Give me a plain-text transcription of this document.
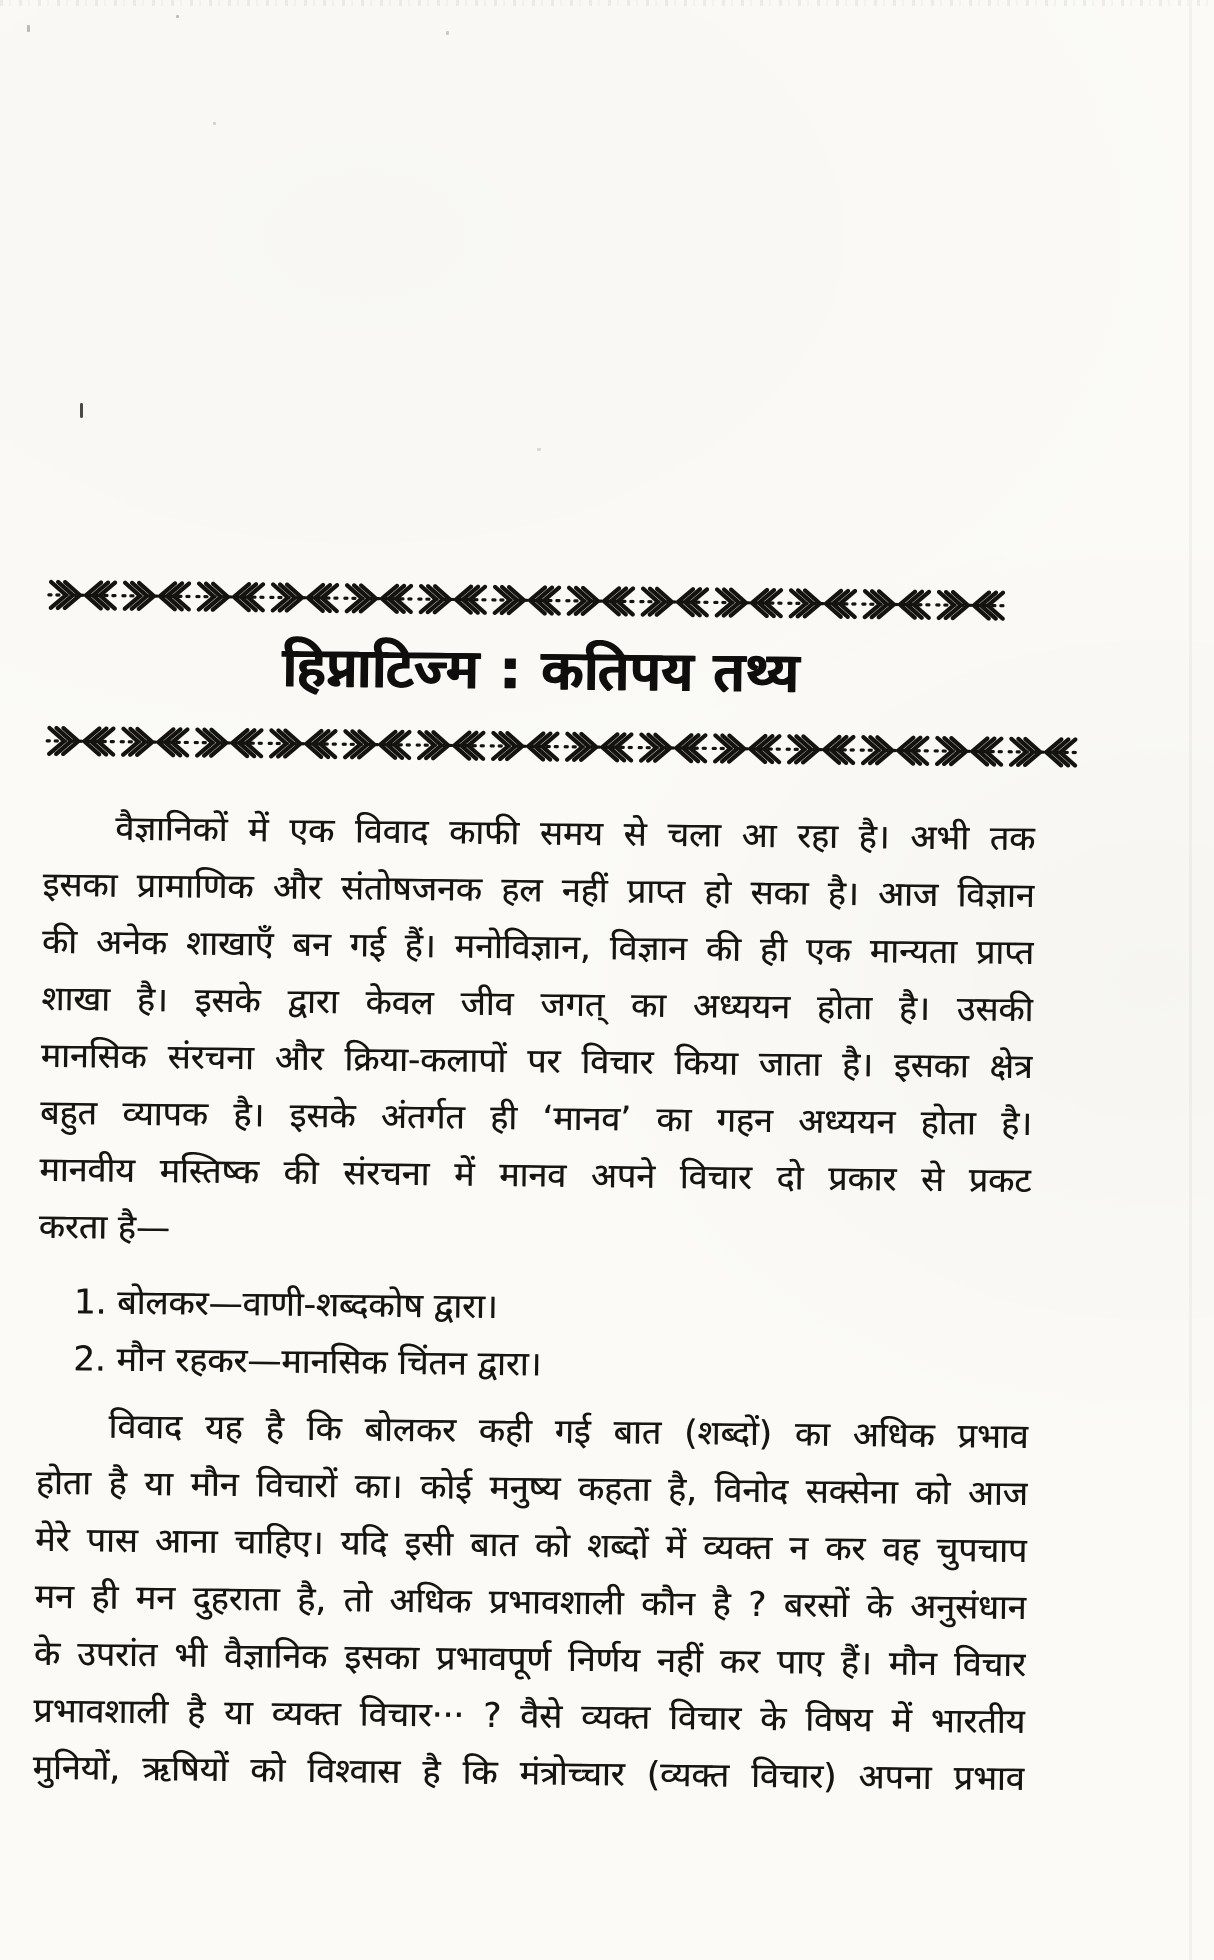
हिप्नाटिज्म : कतिपय तथ्य

वैज्ञानिकों में एक विवाद काफी समय से चला आ रहा है। अभी तक

इसका प्रामाणिक और संतोषजनक हल नहीं प्राप्त हो सका है। आज विज्ञान

की अनेक शाखाएँ बन गई हैं। मनोविज्ञान, विज्ञान की ही एक मान्यता प्राप्त

शाखा है। इसके द्वारा केवल जीव जगत् का अध्ययन होता है। उसकी

मानसिक संरचना और क्रिया-कलापों पर विचार किया जाता है। इसका क्षेत्र

बहुत व्यापक है। इसके अंतर्गत ही ‘मानव’ का गहन अध्ययन होता है।

मानवीय मस्तिष्क की संरचना में मानव अपने विचार दो प्रकार से प्रकट

करता है—

1. बोलकर—वाणी-शब्दकोष द्वारा।

2. मौन रहकर—मानसिक चिंतन द्वारा।

विवाद यह है कि बोलकर कही गई बात (शब्दों) का अधिक प्रभाव

होता है या मौन विचारों का। कोई मनुष्य कहता है, विनोद सक्सेना को आज

मेरे पास आना चाहिए। यदि इसी बात को शब्दों में व्यक्त न कर वह चुपचाप

मन ही मन दुहराता है, तो अधिक प्रभावशाली कौन है ? बरसों के अनुसंधान

के उपरांत भी वैज्ञानिक इसका प्रभावपूर्ण निर्णय नहीं कर पाए हैं। मौन विचार

प्रभावशाली है या व्यक्त विचार··· ? वैसे व्यक्त विचार के विषय में भारतीय

मुनियों, ऋषियों को विश्वास है कि मंत्रोच्चार (व्यक्त विचार) अपना प्रभाव
